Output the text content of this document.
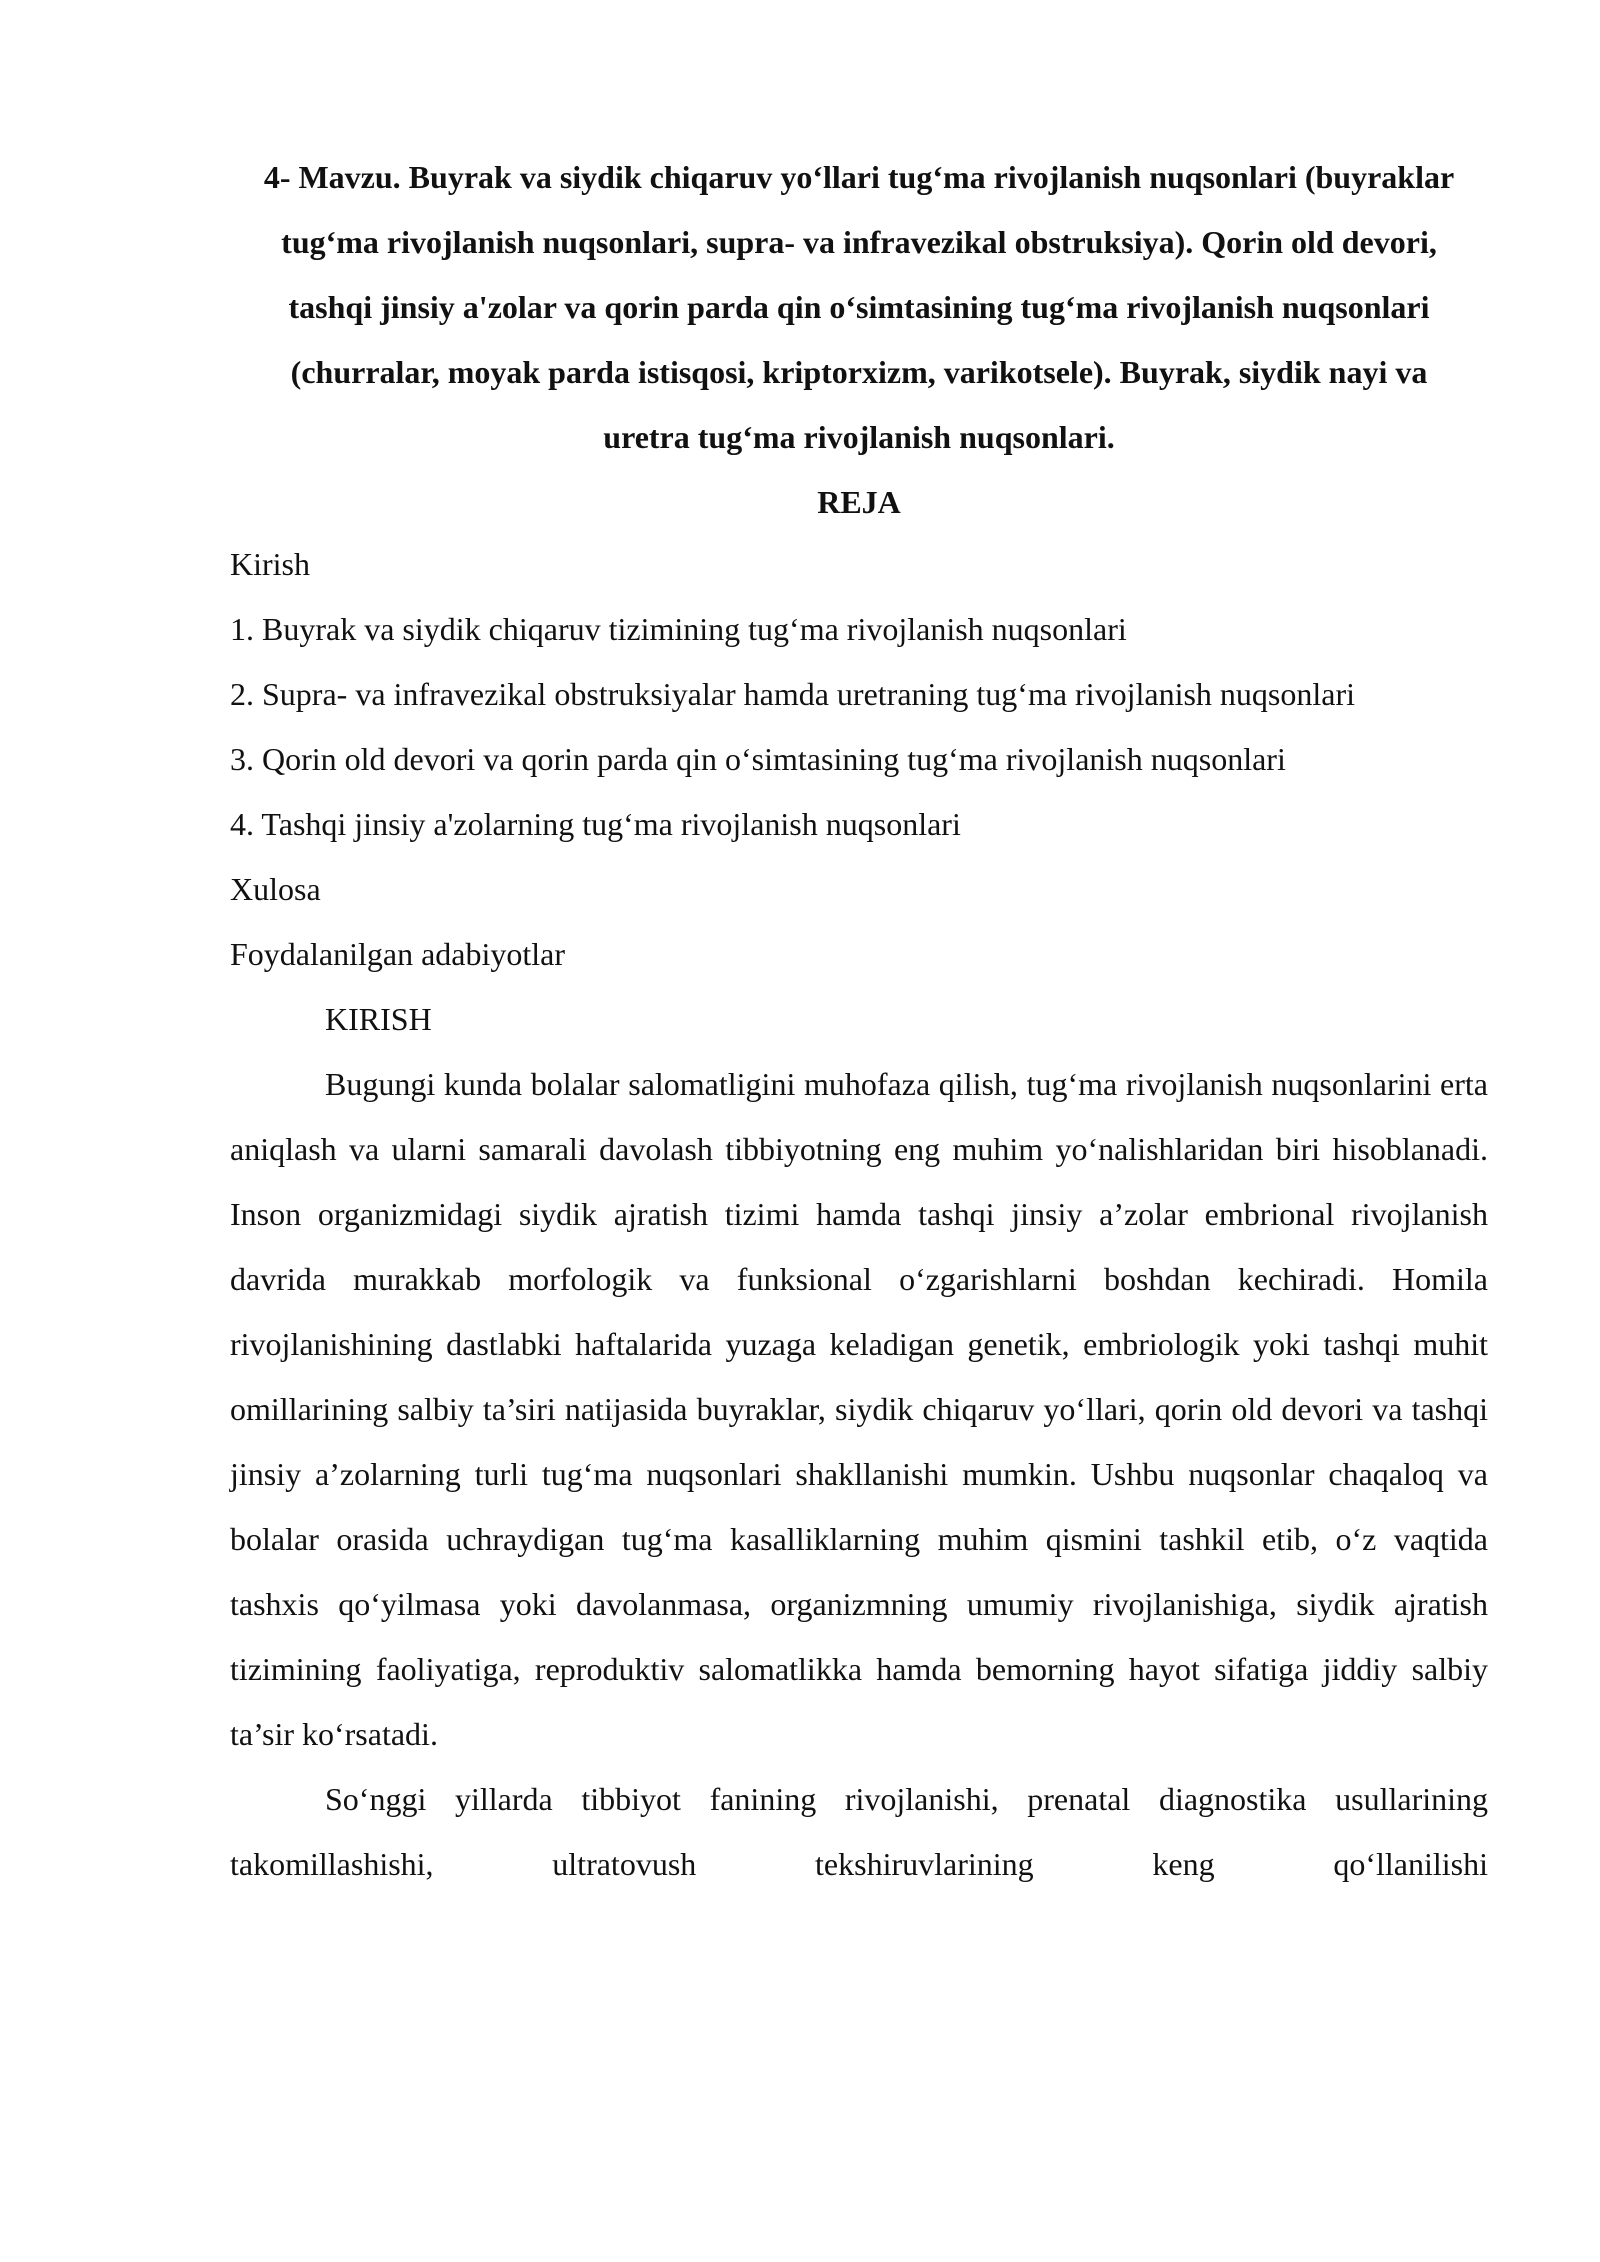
4- Mavzu. Buyrak va siydik chiqaruv yo‘llari tug‘ma rivojlanish nuqsonlari (buyraklar tug‘ma rivojlanish nuqsonlari, supra- va infravezikal obstruksiya). Qorin old devori, tashqi jinsiy a'zolar va qorin parda qin o‘simtasining tug‘ma rivojlanish nuqsonlari (churralar, moyak parda istisqosi, kriptorxizm, varikotsele). Buyrak, siydik nayi va uretra tug‘ma rivojlanish nuqsonlari.
REJA
Kirish
1. Buyrak va siydik chiqaruv tizimining tug‘ma rivojlanish nuqsonlari
2. Supra- va infravezikal obstruksiyalar hamda uretraning tug‘ma rivojlanish nuqsonlari
3. Qorin old devori va qorin parda qin o‘simtasining tug‘ma rivojlanish nuqsonlari
4. Tashqi jinsiy a'zolarning tug‘ma rivojlanish nuqsonlari
Xulosa
Foydalanilgan adabiyotlar
KIRISH

Bugungi kunda bolalar salomatligini muhofaza qilish, tug‘ma rivojlanish nuqsonlarini erta aniqlash va ularni samarali davolash tibbiyotning eng muhim yo‘nalishlaridan biri hisoblanadi. Inson organizmidagi siydik ajratish tizimi hamda tashqi jinsiy a’zolar embrional rivojlanish davrida murakkab morfologik va funksional o‘zgarishlarni boshdan kechiradi. Homila rivojlanishining dastlabki haftalarida yuzaga keladigan genetik, embriologik yoki tashqi muhit omillarining salbiy ta’siri natijasida buyraklar, siydik chiqaruv yo‘llari, qorin old devori va tashqi jinsiy a’zolarning turli tug‘ma nuqsonlari shakllanishi mumkin. Ushbu nuqsonlar chaqaloq va bolalar orasida uchraydigan tug‘ma kasalliklarning muhim qismini tashkil etib, o‘z vaqtida tashxis qo‘yilmasa yoki davolanmasa, organizmning umumiy rivojlanishiga, siydik ajratish tizimining faoliyatiga, reproduktiv salomatlikka hamda bemorning hayot sifatiga jiddiy salbiy ta’sir ko‘rsatadi.

So‘nggi yillarda tibbiyot fanining rivojlanishi, prenatal diagnostika usullarining takomillashishi, ultratovush tekshiruvlarining keng qo‘llanilishi
